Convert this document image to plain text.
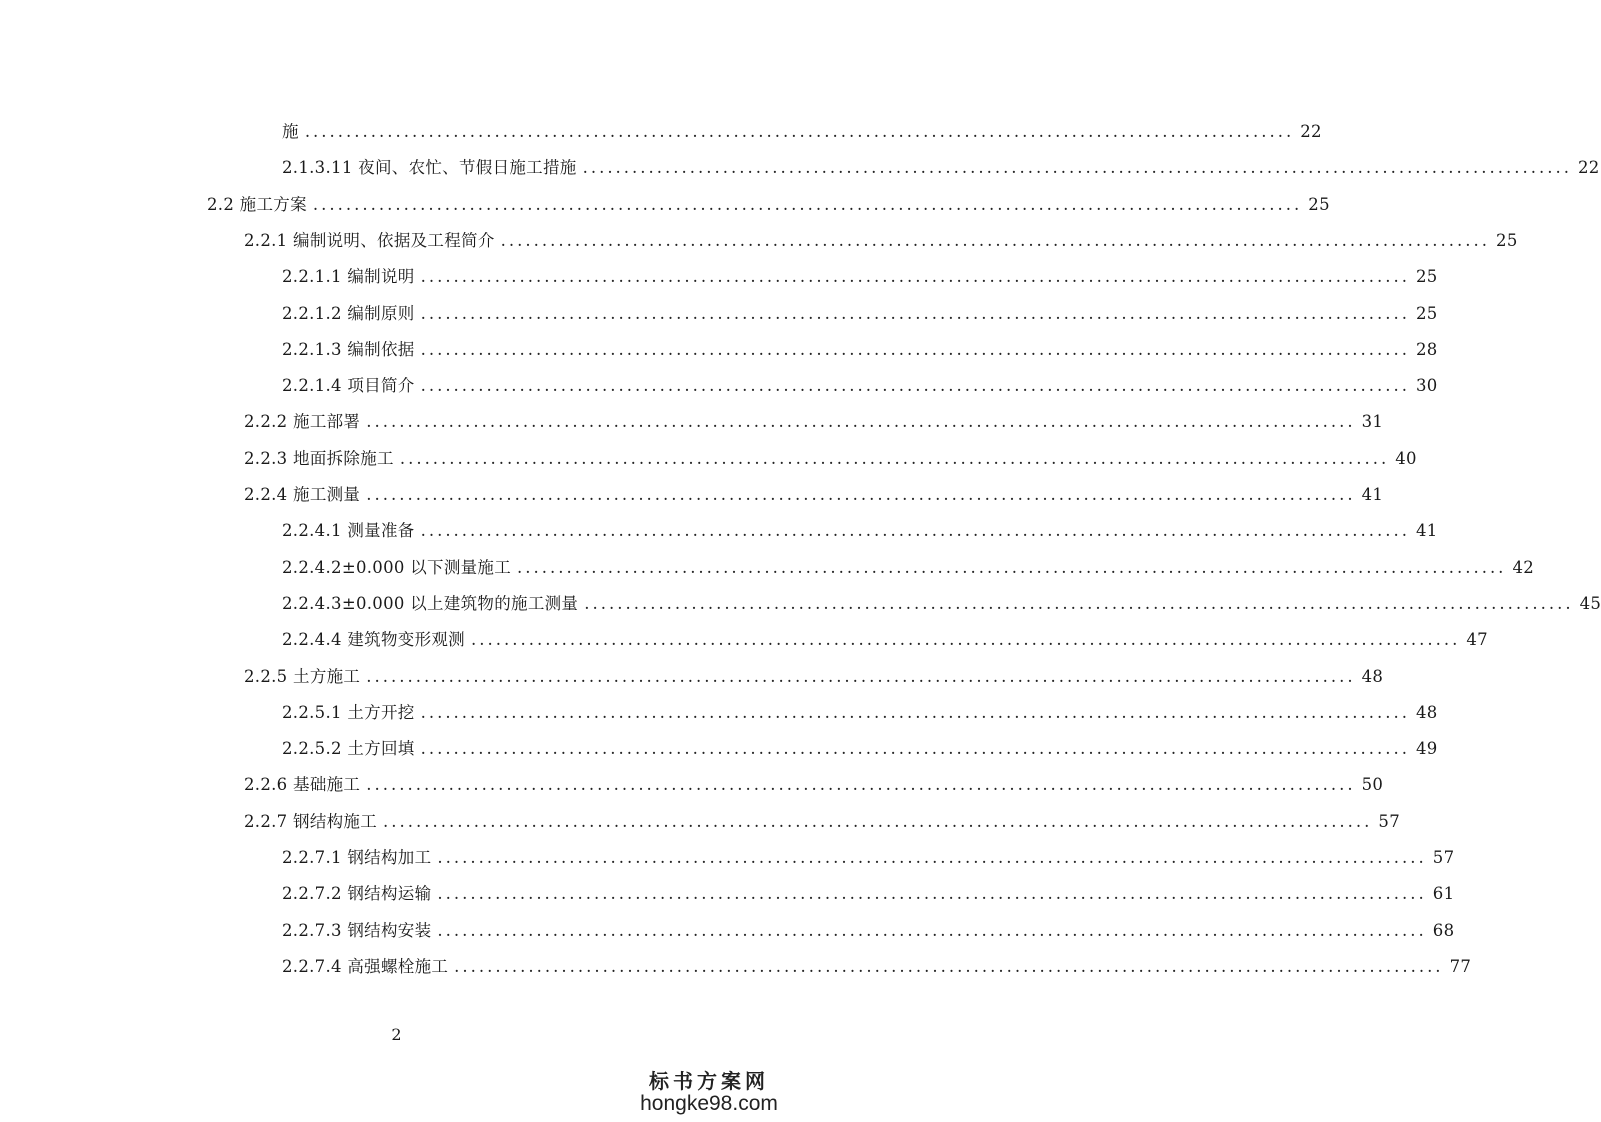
施 ........................................................................................................................ 22
2.1.3.11 夜间、农忙、节假日施工措施 ........................................................................................................................ 22
2.2 施工方案 ........................................................................................................................ 25
2.2.1 编制说明、依据及工程简介 ........................................................................................................................ 25
2.2.1.1 编制说明 ........................................................................................................................ 25
2.2.1.2 编制原则 ........................................................................................................................ 25
2.2.1.3 编制依据 ........................................................................................................................ 28
2.2.1.4 项目简介 ........................................................................................................................ 30
2.2.2 施工部署 ........................................................................................................................ 31
2.2.3 地面拆除施工 ........................................................................................................................ 40
2.2.4 施工测量 ........................................................................................................................ 41
2.2.4.1 测量准备 ........................................................................................................................ 41
2.2.4.2±0.000 以下测量施工 ........................................................................................................................ 42
2.2.4.3±0.000 以上建筑物的施工测量 ........................................................................................................................ 45
2.2.4.4 建筑物变形观测 ........................................................................................................................ 47
2.2.5 土方施工 ........................................................................................................................ 48
2.2.5.1 土方开挖 ........................................................................................................................ 48
2.2.5.2 土方回填 ........................................................................................................................ 49
2.2.6 基础施工 ........................................................................................................................ 50
2.2.7 钢结构施工 ........................................................................................................................ 57
2.2.7.1 钢结构加工 ........................................................................................................................ 57
2.2.7.2 钢结构运输 ........................................................................................................................ 61
2.2.7.3 钢结构安装 ........................................................................................................................ 68
2.2.7.4 高强螺栓施工 ........................................................................................................................ 77
2
标书方案网
hongke98.com
